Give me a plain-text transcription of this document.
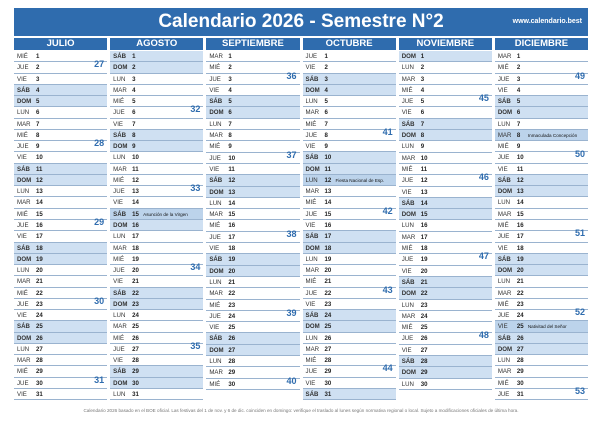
Calendario 2026 - Semestre N°2	www.calendario.best
JULIO
MIÉ 1
JUE 2	27
VIE 3
SÁB 4
DOM 5
LUN 6
MAR 7
MIÉ 8
JUE 9	28
VIE 10
SÁB 11
DOM 12
LUN 13
MAR 14
MIÉ 15
JUE 16	29
VIE 17
SÁB 18
DOM 19
LUN 20
MAR 21
MIÉ 22
JUE 23	30
VIE 24
SÁB 25
DOM 26
LUN 27
MAR 28
MIÉ 29
JUE 30	31
VIE 31
AGOSTO
SÁB 1
DOM 2
LUN 3
MAR 4
MIÉ 5
JUE 6	32
VIE 7
SÁB 8
DOM 9
LUN 10
MAR 11
MIÉ 12
JUE 13	33
VIE 14
SÁB 15 Asunción de la Virgen
DOM 16
LUN 17
MAR 18
MIÉ 19
JUE 20	34
VIE 21
SÁB 22
DOM 23
LUN 24
MAR 25
MIÉ 26
JUE 27	35
VIE 28
SÁB 29
DOM 30
LUN 31
SEPTIEMBRE
MAR 1
MIÉ 2
JUE 3	36
VIE 4
SÁB 5
DOM 6
LUN 7
MAR 8
MIÉ 9
JUE 10	37
VIE 11
SÁB 12
DOM 13
LUN 14
MAR 15
MIÉ 16
JUE 17	38
VIE 18
SÁB 19
DOM 20
LUN 21
MAR 22
MIÉ 23
JUE 24	39
VIE 25
SÁB 26
DOM 27
LUN 28
MAR 29
MIÉ 30	40
OCTUBRE
JUE 1
VIE 2
SÁB 3
DOM 4
LUN 5
MAR 6
MIÉ 7
JUE 8	41
VIE 9
SÁB 10
DOM 11
LUN 12 Fiesta Nacional de Esp.
MAR 13
MIÉ 14
JUE 15	42
VIE 16
SÁB 17
DOM 18
LUN 19
MAR 20
MIÉ 21
JUE 22	43
VIE 23
SÁB 24
DOM 25
LUN 26
MAR 27
MIÉ 28
JUE 29	44
VIE 30
SÁB 31
NOVIEMBRE
DOM 1
LUN 2
MAR 3
MIÉ 4
JUE 5	45
VIE 6
SÁB 7
DOM 8
LUN 9
MAR 10
MIÉ 11
JUE 12	46
VIE 13
SÁB 14
DOM 15
LUN 16
MAR 17
MIÉ 18
JUE 19	47
VIE 20
SÁB 21
DOM 22
LUN 23
MAR 24
MIÉ 25
JUE 26	48
VIE 27
SÁB 28
DOM 29
LUN 30
DICIEMBRE
MAR 1
MIÉ 2
JUE 3	49
VIE 4
SÁB 5
DOM 6
LUN 7
MAR 8 Inmaculada Concepción
MIÉ 9
JUE 10	50
VIE 11
SÁB 12
DOM 13
LUN 14
MAR 15
MIÉ 16
JUE 17	51
VIE 18
SÁB 19
DOM 20
LUN 21
MAR 22
MIÉ 23
JUE 24	52
VIE 25 Nativitad del Señor
SÁB 26
DOM 27
LUN 28
MAR 29
MIÉ 30
JUE 31	53
Calendario 2026 basado en el BOE oficial. Las festivas del 1 de nov. y 6 de dic. coinciden en domingo: verifique el traslado al lunes según normativa regional o local. Sujeto a modificaciones oficiales de última hora.
